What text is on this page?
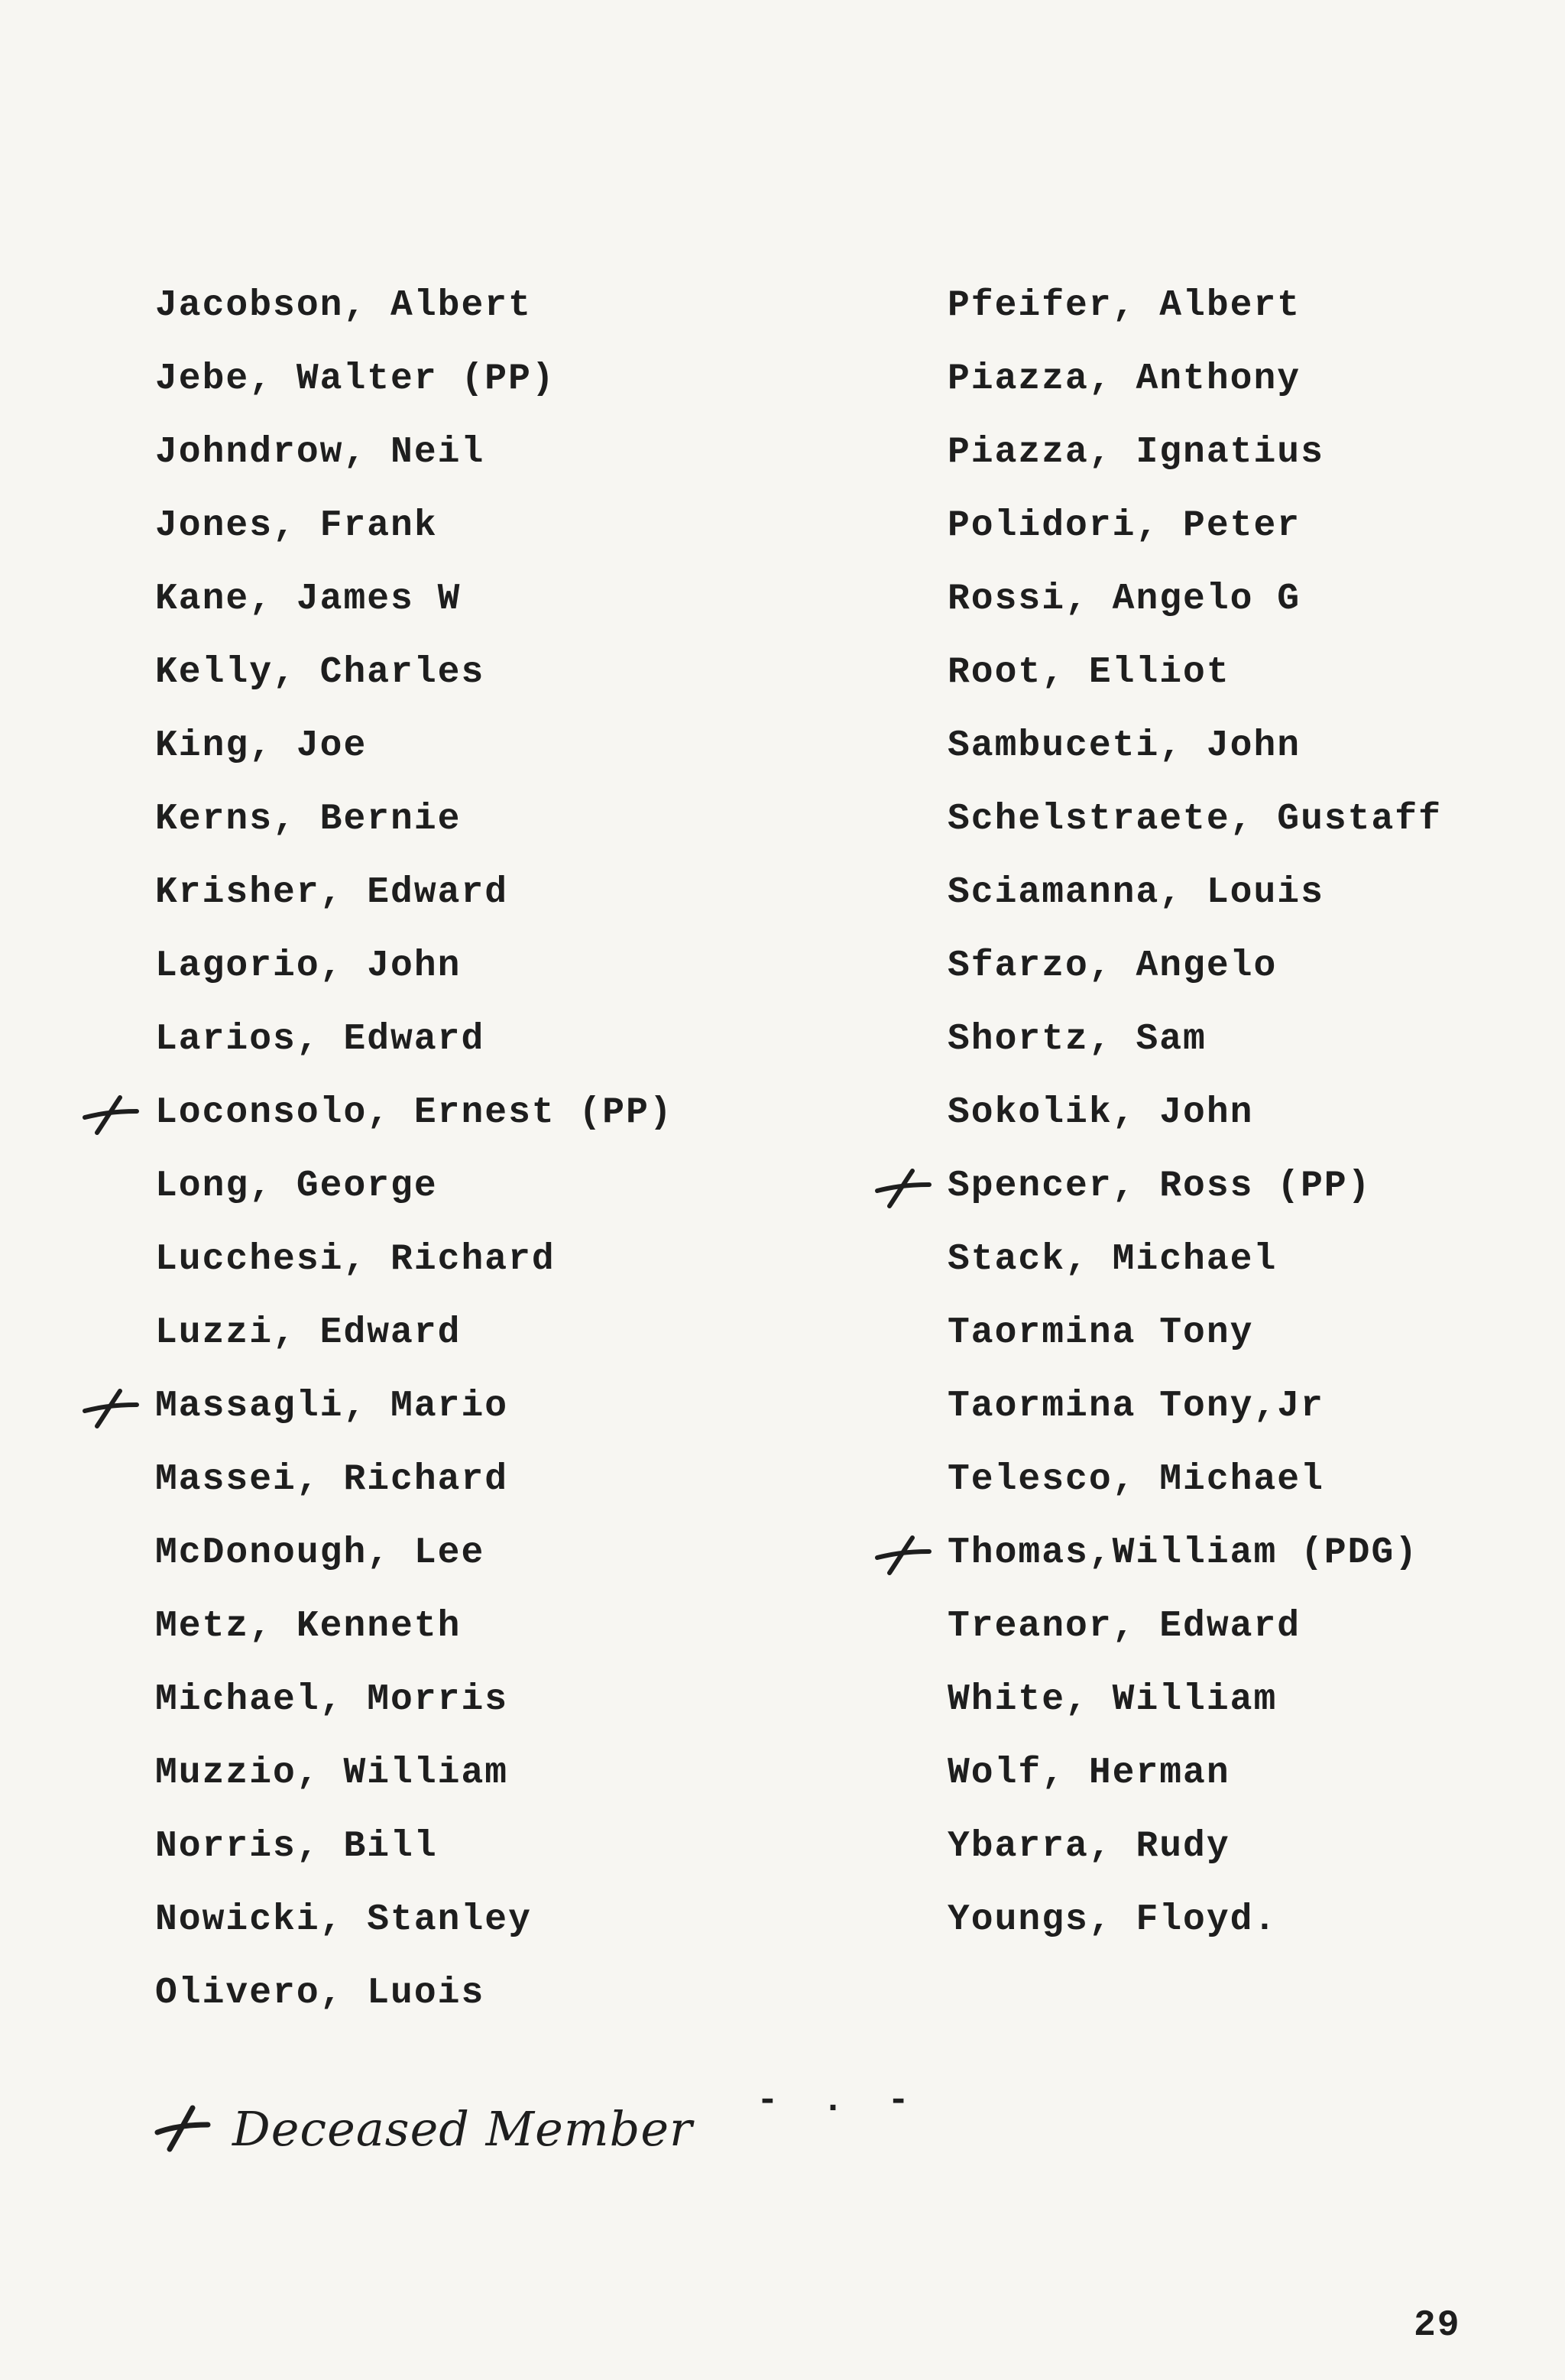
Jacobson, Albert
Jebe, Walter (PP)
Johndrow, Neil
Jones, Frank
Kane, James W
Kelly, Charles
King, Joe
Kerns, Bernie
Krisher, Edward
Lagorio, John
Larios, Edward
Loconsolo, Ernest (PP)
Long, George
Lucchesi, Richard
Luzzi, Edward
Massagli, Mario
Massei, Richard
McDonough, Lee
Metz, Kenneth
Michael, Morris
Muzzio, William
Norris, Bill
Nowicki, Stanley
Olivero, Luois
Pfeifer, Albert
Piazza, Anthony
Piazza, Ignatius
Polidori, Peter
Rossi, Angelo G
Root, Elliot
Sambuceti, John
Schelstraete, Gustaff
Sciamanna, Louis
Sfarzo, Angelo
Shortz, Sam
Sokolik, John
Spencer, Ross (PP)
Stack, Michael
Taormina Tony
Taormina Tony,Jr
Telesco, Michael
Thomas,William (PDG)
Treanor, Edward
White, William
Wolf, Herman
Ybarra, Rudy
Youngs, Floyd.
- . -
Deceased Member
29
